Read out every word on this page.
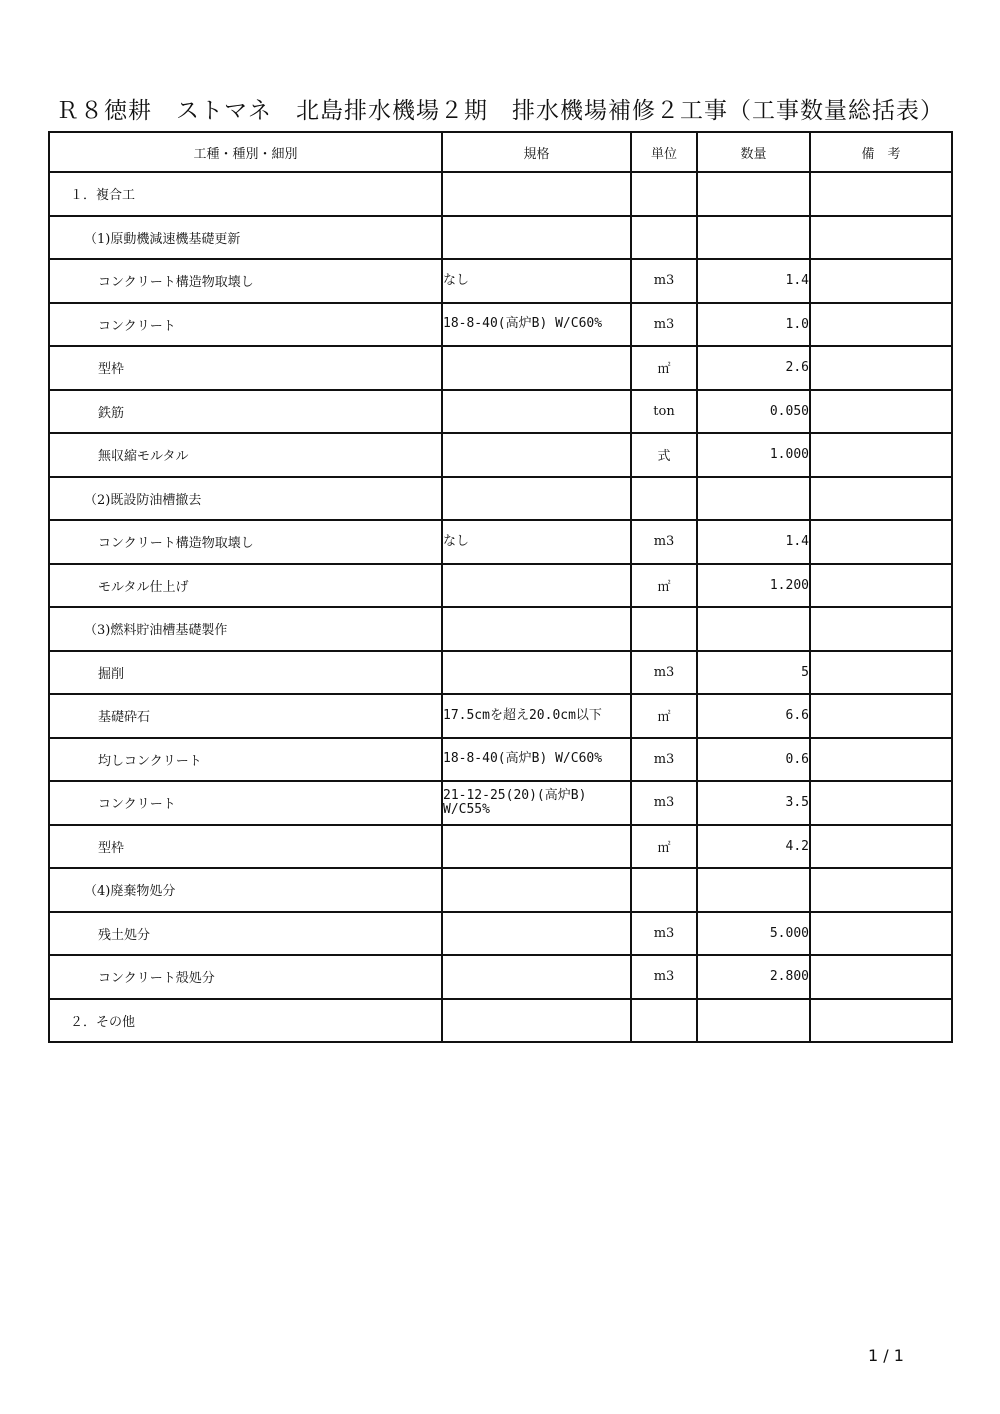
Ｒ８徳耕　ストマネ　北島排水機場２期　排水機場補修２工事（工事数量総括表）
工種・種別・細別	規格	単位	数量	備　考
１．複合工				
（1)原動機減速機基礎更新				
コンクリート構造物取壊し	なし	m3	1.4	
コンクリート	18-8-40(高炉B) W/C60%	m3	1.0	
型枠		㎡	2.6	
鉄筋		ton	0.050	
無収縮モルタル		式	1.000	
（2)既設防油槽撤去				
コンクリート構造物取壊し	なし	m3	1.4	
モルタル仕上げ		㎡	1.200	
（3)燃料貯油槽基礎製作				
掘削		m3	5	
基礎砕石	17.5cmを超え20.0cm以下	㎡	6.6	
均しコンクリート	18-8-40(高炉B) W/C60%	m3	0.6	
コンクリート	21-12-25(20)(高炉B) W/C55%	m3	3.5	
型枠		㎡	4.2	
（4)廃棄物処分				
残土処分		m3	5.000	
コンクリート殻処分		m3	2.800	
２．その他				
1 / 1
